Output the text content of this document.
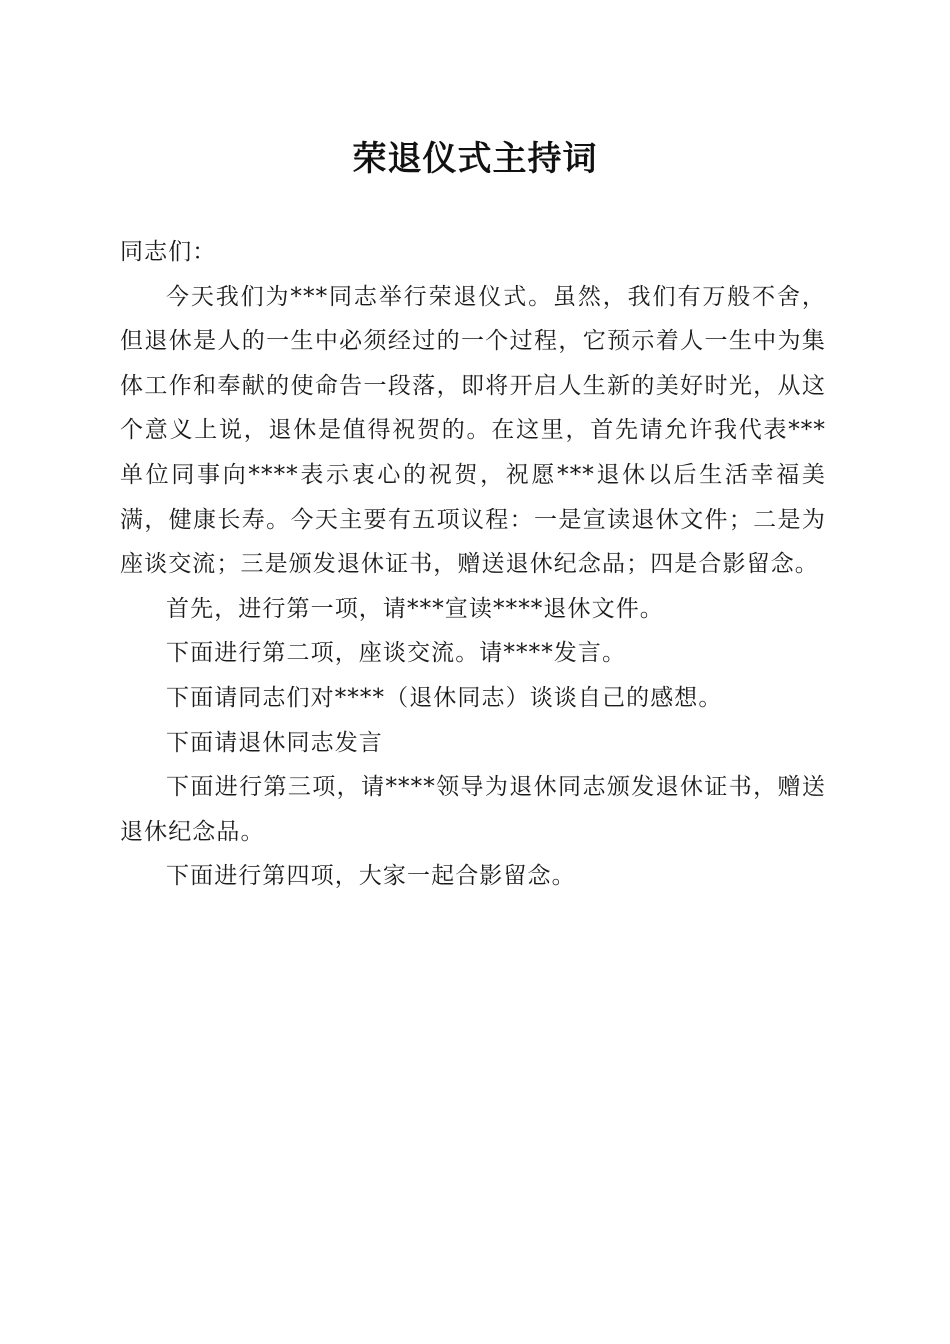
荣退仪式主持词

同志们：

今天我们为***同志举行荣退仪式。虽然，我们有万般不舍，但退休是人的一生中必须经过的一个过程，它预示着人一生中为集体工作和奉献的使命告一段落，即将开启人生新的美好时光，从这个意义上说，退休是值得祝贺的。在这里，首先请允许我代表***单位同事向****表示衷心的祝贺，祝愿***退休以后生活幸福美满，健康长寿。今天主要有五项议程：一是宣读退休文件；二是为座谈交流；三是颁发退休证书，赠送退休纪念品；四是合影留念。

首先，进行第一项，请***宣读****退休文件。

下面进行第二项，座谈交流。请****发言。

下面请同志们对****（退休同志）谈谈自己的感想。

下面请退休同志发言

下面进行第三项，请****领导为退休同志颁发退休证书，赠送退休纪念品。

下面进行第四项，大家一起合影留念。
